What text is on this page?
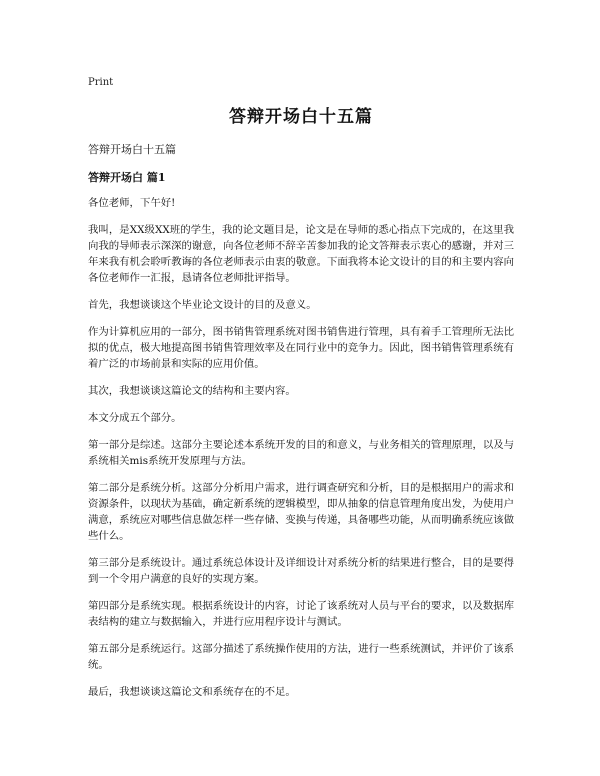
Print
答辩开场白十五篇

答辩开场白十五篇

答辩开场白 篇1

各位老师，下午好!

我叫，是XX级XX班的学生，我的论文题目是，论文是在导师的悉心指点下完成的，在这里我向我的导师表示深深的谢意，向各位老师不辞辛苦参加我的论文答辩表示衷心的感谢，并对三年来我有机会聆听教诲的各位老师表示由衷的敬意。下面我将本论文设计的目的和主要内容向各位老师作一汇报，恳请各位老师批评指导。

首先，我想谈谈这个毕业论文设计的目的及意义。

作为计算机应用的一部分，图书销售管理系统对图书销售进行管理，具有着手工管理所无法比拟的优点，极大地提高图书销售管理效率及在同行业中的竞争力。因此，图书销售管理系统有着广泛的市场前景和实际的应用价值。

其次，我想谈谈这篇论文的结构和主要内容。

本文分成五个部分。

第一部分是综述。这部分主要论述本系统开发的目的和意义，与业务相关的管理原理，以及与系统相关mis系统开发原理与方法。

第二部分是系统分析。这部分分析用户需求，进行调查研究和分析，目的是根据用户的需求和资源条件，以现状为基础，确定新系统的逻辑模型，即从抽象的信息管理角度出发，为使用户满意，系统应对哪些信息做怎样一些存储、变换与传递，具备哪些功能，从而明确系统应该做些什么。

第三部分是系统设计。通过系统总体设计及详细设计对系统分析的结果进行整合，目的是要得到一个令用户满意的良好的实现方案。

第四部分是系统实现。根据系统设计的内容，讨论了该系统对人员与平台的要求，以及数据库表结构的建立与数据输入，并进行应用程序设计与测试。

第五部分是系统运行。这部分描述了系统操作使用的方法，进行一些系统测试，并评价了该系统。

最后，我想谈谈这篇论文和系统存在的不足。
